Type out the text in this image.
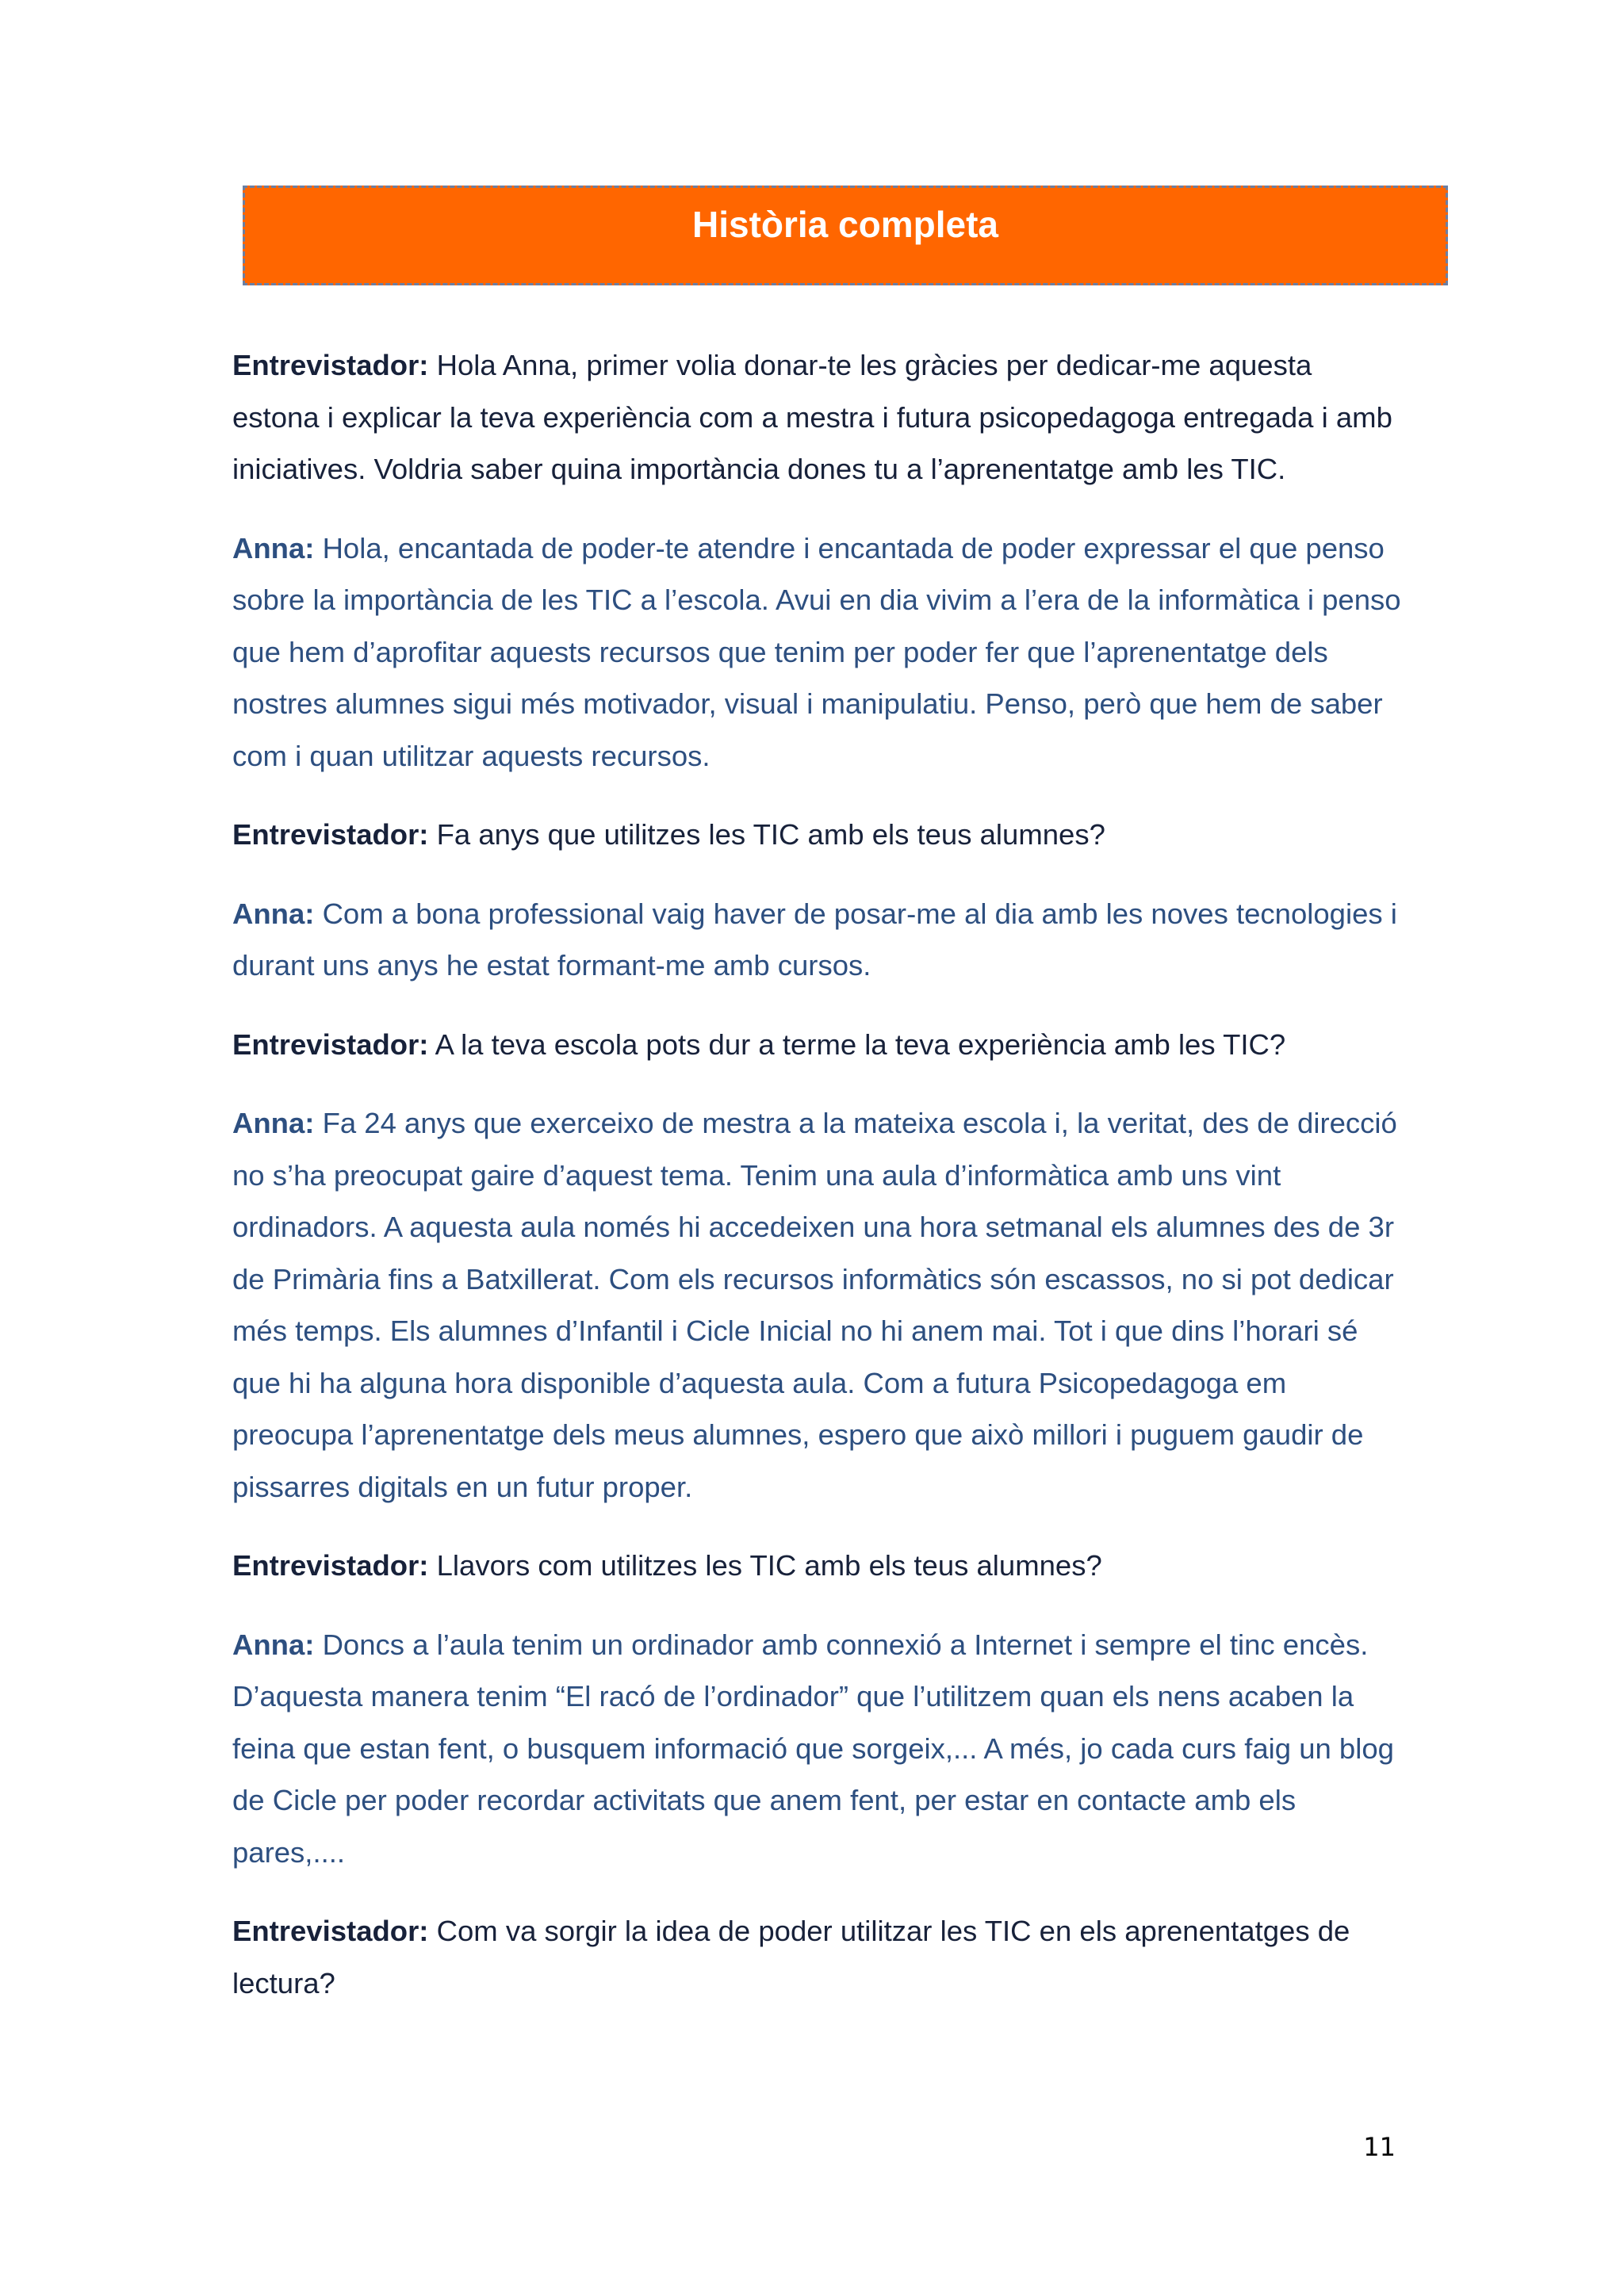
Història completa

Entrevistador: Hola Anna, primer volia donar-te les gràcies per dedicar-me aquesta estona i explicar la teva experiència com a mestra i futura psicopedagoga entregada i amb iniciatives. Voldria saber quina importància dones tu a l’aprenentatge amb les TIC.

Anna: Hola, encantada de poder-te atendre i encantada de poder expressar el que penso sobre la importància de les TIC a l’escola. Avui en dia vivim a l’era de la informàtica i penso que hem d’aprofitar aquests recursos que tenim per poder fer que l’aprenentatge dels nostres alumnes sigui més motivador, visual i manipulatiu. Penso, però que hem de saber com i quan utilitzar aquests recursos.

Entrevistador: Fa anys que utilitzes les TIC amb els teus alumnes?

Anna: Com a bona professional vaig haver de posar-me al dia amb les noves tecnologies i durant uns anys he estat formant-me amb cursos.

Entrevistador: A la teva escola pots dur a terme la teva experiència amb les TIC?

Anna: Fa 24 anys que exerceixo de mestra a la mateixa escola i, la veritat, des de direcció no s’ha preocupat gaire d’aquest tema. Tenim una aula d’informàtica amb uns vint ordinadors. A aquesta aula només hi accedeixen una hora setmanal els alumnes des de 3r de Primària fins a Batxillerat. Com els recursos informàtics són escassos, no si pot dedicar més temps. Els alumnes d’Infantil i Cicle Inicial no hi anem mai. Tot i que dins l’horari sé que hi ha alguna hora disponible d’aquesta aula. Com a futura Psicopedagoga em preocupa l’aprenentatge dels meus alumnes, espero que això millori i puguem gaudir de pissarres digitals en un futur proper.

Entrevistador: Llavors com utilitzes les TIC amb els teus alumnes?

Anna: Doncs a l’aula tenim un ordinador amb connexió a Internet i sempre el tinc encès. D’aquesta manera tenim “El racó de l’ordinador” que l’utilitzem quan els nens acaben la feina que estan fent, o busquem informació que sorgeix,... A més, jo cada curs faig un blog de Cicle per poder recordar activitats que anem fent, per estar en contacte amb els pares,....

Entrevistador: Com va sorgir la idea de poder utilitzar les TIC en els aprenentatges de lectura?

11
